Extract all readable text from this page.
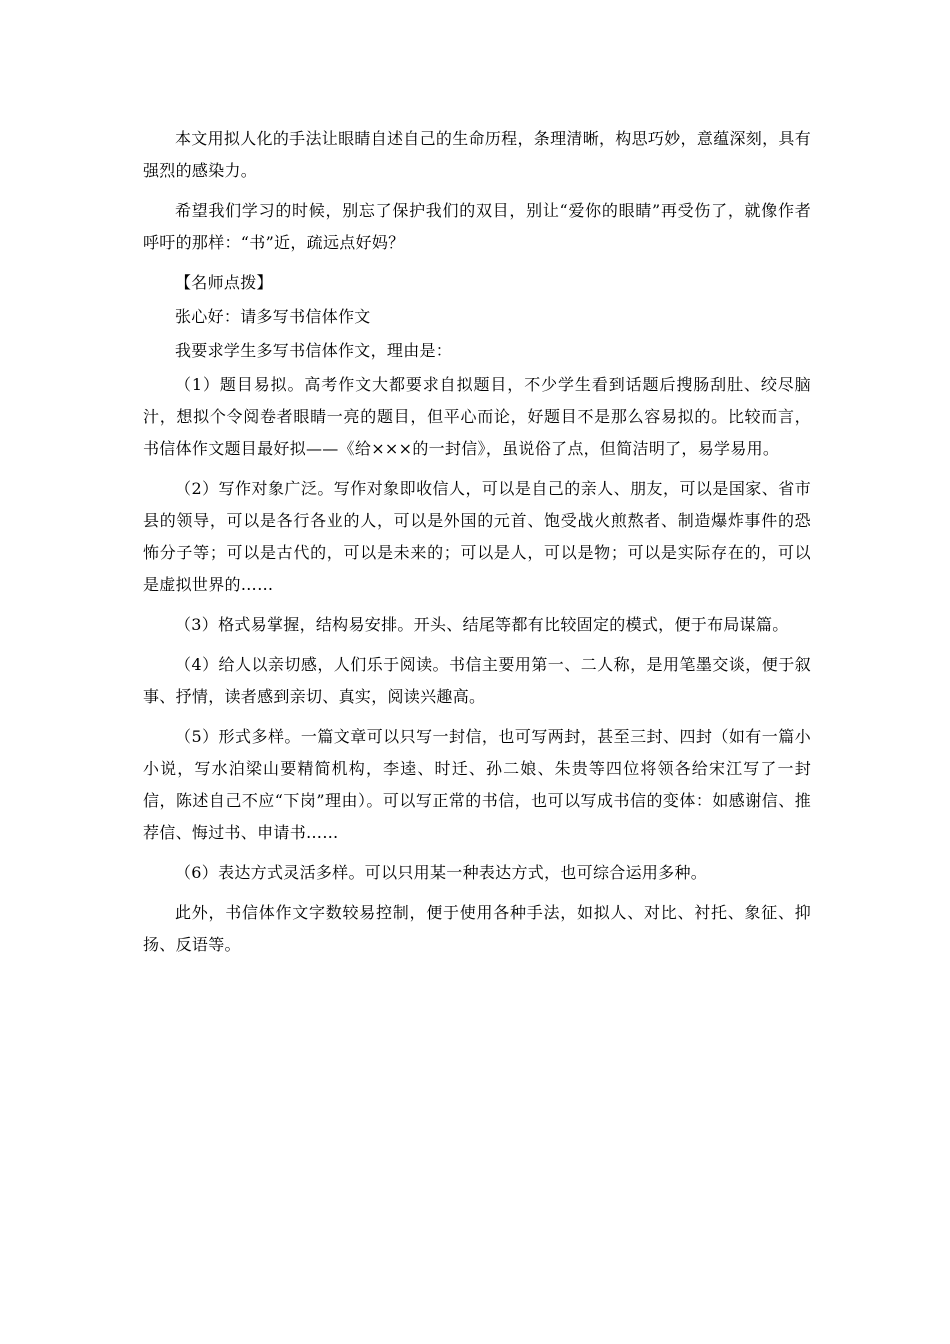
本文用拟人化的手法让眼睛自述自己的生命历程，条理清晰，构思巧妙，意蕴深刻，具有强烈的感染力。

希望我们学习的时候，别忘了保护我们的双目，别让“爱你的眼睛”再受伤了，就像作者呼吁的那样：“书”近，疏远点好妈？

【名师点拨】

张心好：请多写书信体作文

我要求学生多写书信体作文，理由是：

（1）题目易拟。高考作文大都要求自拟题目，不少学生看到话题后搜肠刮肚、绞尽脑汁，想拟个令阅卷者眼睛一亮的题目，但平心而论，好题目不是那么容易拟的。比较而言，书信体作文题目最好拟——《给×××的一封信》，虽说俗了点，但简洁明了，易学易用。

（2）写作对象广泛。写作对象即收信人，可以是自己的亲人、朋友，可以是国家、省市县的领导，可以是各行各业的人，可以是外国的元首、饱受战火煎熬者、制造爆炸事件的恐怖分子等；可以是古代的，可以是未来的；可以是人，可以是物；可以是实际存在的，可以是虚拟世界的……

（3）格式易掌握，结构易安排。开头、结尾等都有比较固定的模式，便于布局谋篇。

（4）给人以亲切感，人们乐于阅读。书信主要用第一、二人称，是用笔墨交谈，便于叙事、抒情，读者感到亲切、真实，阅读兴趣高。

（5）形式多样。一篇文章可以只写一封信，也可写两封，甚至三封、四封（如有一篇小小说，写水泊梁山要精简机构，李逵、时迁、孙二娘、朱贵等四位将领各给宋江写了一封信，陈述自己不应“下岗”理由）。可以写正常的书信，也可以写成书信的变体：如感谢信、推荐信、悔过书、申请书……

（6）表达方式灵活多样。可以只用某一种表达方式，也可综合运用多种。

此外，书信体作文字数较易控制，便于使用各种手法，如拟人、对比、衬托、象征、抑扬、反语等。
